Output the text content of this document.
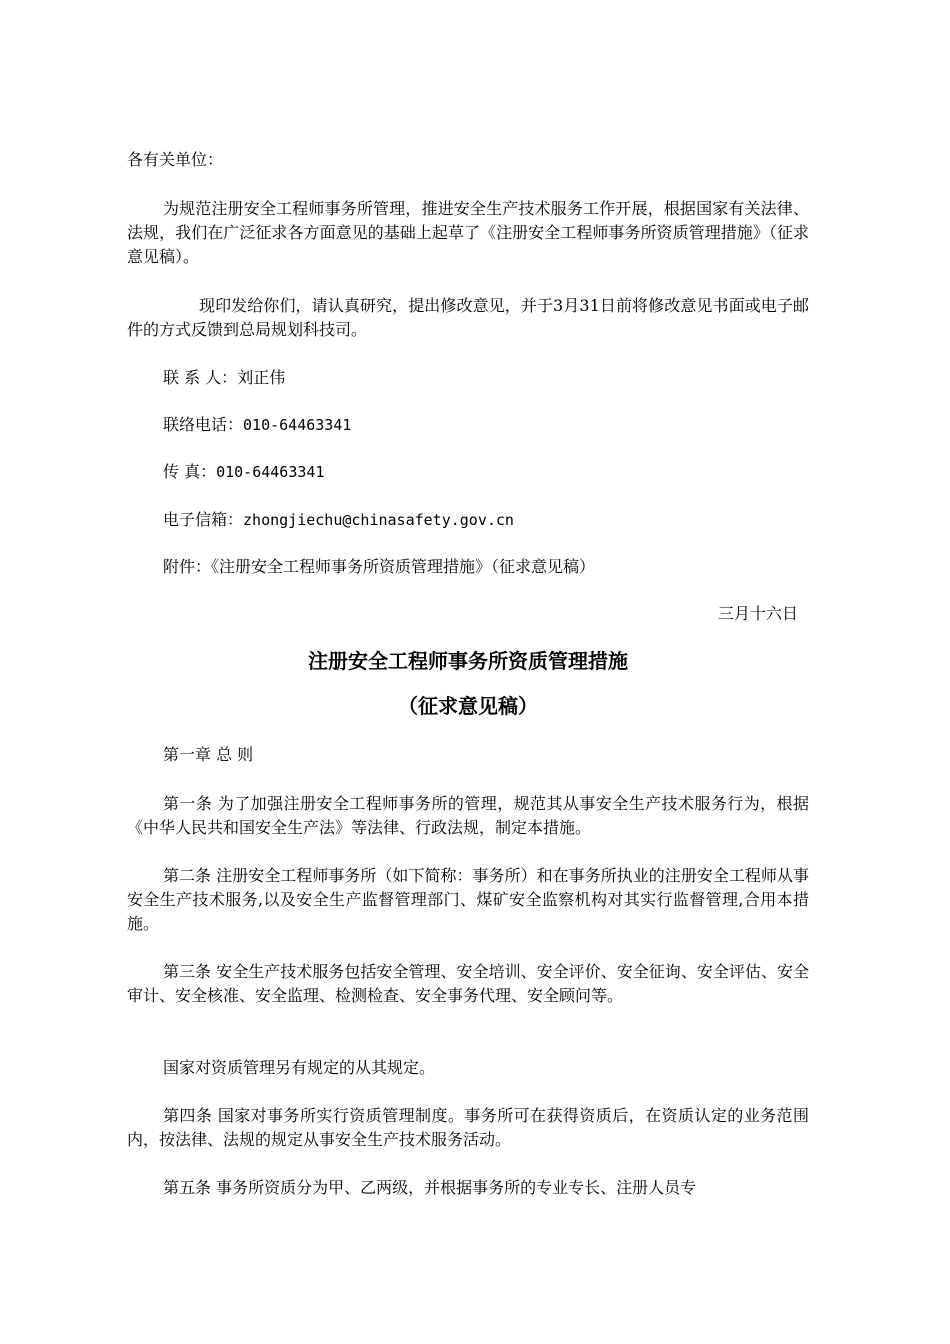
各有关单位：
为规范注册安全工程师事务所管理，推进安全生产技术服务工作开展，根据国家有关法律、法规，我们在广泛征求各方面意见的基础上起草了《注册安全工程师事务所资质管理措施》（征求意见稿）。
现印发给你们，请认真研究，提出修改意见，并于3月31日前将修改意见书面或电子邮件的方式反馈到总局规划科技司。
联 系 人：刘正伟
联络电话：010-64463341
传 真：010-64463341
电子信箱：zhongjiechu@chinasafety.gov.cn
附件：《注册安全工程师事务所资质管理措施》（征求意见稿）
三月十六日
注册安全工程师事务所资质管理措施
（征求意见稿）
第一章 总 则
第一条 为了加强注册安全工程师事务所的管理，规范其从事安全生产技术服务行为，根据《中华人民共和国安全生产法》等法律、行政法规，制定本措施。
第二条 注册安全工程师事务所（如下简称：事务所）和在事务所执业的注册安全工程师从事安全生产技术服务,以及安全生产监督管理部门、煤矿安全监察机构对其实行监督管理,合用本措施。
第三条 安全生产技术服务包括安全管理、安全培训、安全评价、安全征询、安全评估、安全审计、安全核准、安全监理、检测检查、安全事务代理、安全顾问等。
国家对资质管理另有规定的从其规定。
第四条 国家对事务所实行资质管理制度。事务所可在获得资质后，在资质认定的业务范围内，按法律、法规的规定从事安全生产技术服务活动。
第五条 事务所资质分为甲、乙两级，并根据事务所的专业专长、注册人员专
